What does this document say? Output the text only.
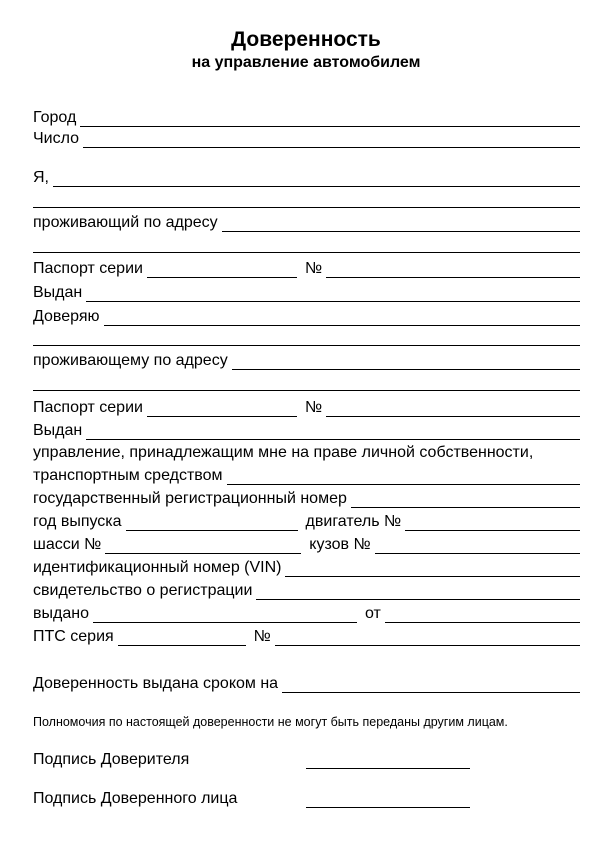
Доверенность
на управление автомобилем
Город
Число
Я,
проживающий по адресу
Паспорт серии	№
Выдан
Доверяю
проживающему по адресу
Паспорт серии	№
Выдан
управление, принадлежащим мне на праве личной собственности,
транспортным средством
государственный регистрационный номер
год выпуска	двигатель №
шасси №	кузов №
идентификационный номер (VIN)
свидетельство о регистрации
выдано	от
ПТС серия	№
Доверенность выдана сроком на
Полномочия по настоящей доверенности не могут быть переданы другим лицам.
Подпись Доверителя
Подпись Доверенного лица
